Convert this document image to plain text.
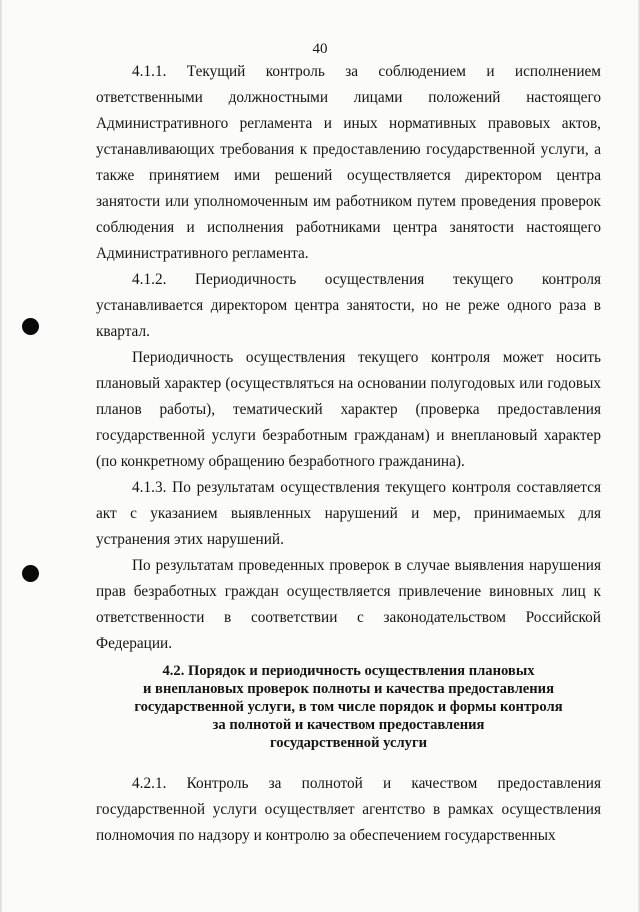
40

4.1.1. Текущий контроль за соблюдением и исполнением ответственными должностными лицами положений настоящего Административного регламента и иных нормативных правовых актов, устанавливающих требования к предоставлению государственной услуги, а также принятием ими решений осуществляется директором центра занятости или уполномоченным им работником путем проведения проверок соблюдения и исполнения работниками центра занятости настоящего Административного регламента.

4.1.2. Периодичность осуществления текущего контроля устанавливается директором центра занятости, но не реже одного раза в квартал.

Периодичность осуществления текущего контроля может носить плановый характер (осуществляться на основании полугодовых или годовых планов работы), тематический характер (проверка предоставления государственной услуги безработным гражданам) и внеплановый характер (по конкретному обращению безработного гражданина).

4.1.3. По результатам осуществления текущего контроля составляется акт с указанием выявленных нарушений и мер, принимаемых для устранения этих нарушений.

По результатам проведенных проверок в случае выявления нарушения прав безработных граждан осуществляется привлечение виновных лиц к ответственности в соответствии с законодательством Российской Федерации.

4.2. Порядок и периодичность осуществления плановых
и внеплановых проверок полноты и качества предоставления
государственной услуги, в том числе порядок и формы контроля
за полнотой и качеством предоставления
государственной услуги

4.2.1. Контроль за полнотой и качеством предоставления государственной услуги осуществляет агентство в рамках осуществления полномочия по надзору и контролю за обеспечением государственных
